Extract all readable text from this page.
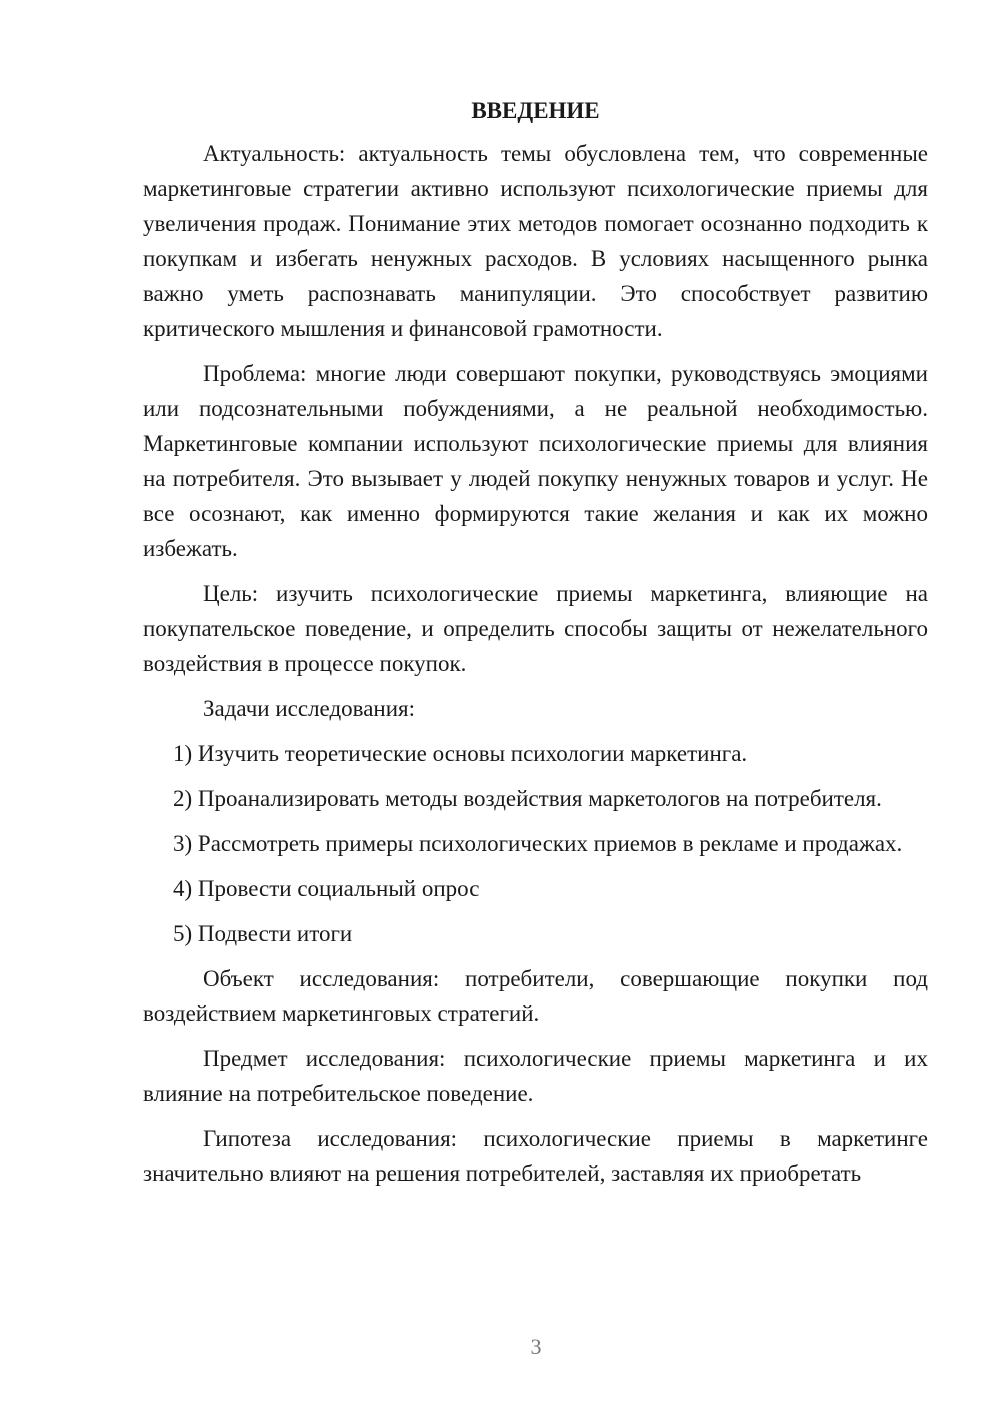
ВВЕДЕНИЕ

Актуальность: актуальность темы обусловлена тем, что современные маркетинговые стратегии активно используют психологические приемы для увеличения продаж. Понимание этих методов помогает осознанно подходить к покупкам и избегать ненужных расходов. В условиях насыщенного рынка важно уметь распознавать манипуляции. Это способствует развитию критического мышления и финансовой грамотности.

Проблема: многие люди совершают покупки, руководствуясь эмоциями или подсознательными побуждениями, а не реальной необходимостью. Маркетинговые компании используют психологические приемы для влияния на потребителя. Это вызывает у людей покупку ненужных товаров и услуг. Не все осознают, как именно формируются такие желания и как их можно избежать.

Цель: изучить психологические приемы маркетинга, влияющие на покупательское поведение, и определить способы защиты от нежелательного воздействия в процессе покупок.

Задачи исследования:

1) Изучить теоретические основы психологии маркетинга.

2) Проанализировать методы воздействия маркетологов на потребителя.

3) Рассмотреть примеры психологических приемов в рекламе и продажах.

4) Провести социальный опрос

5) Подвести итоги

Объект исследования: потребители, совершающие покупки под воздействием маркетинговых стратегий.

Предмет исследования: психологические приемы маркетинга и их влияние на потребительское поведение.

Гипотеза исследования: психологические приемы в маркетинге значительно влияют на решения потребителей, заставляя их приобретать

3
